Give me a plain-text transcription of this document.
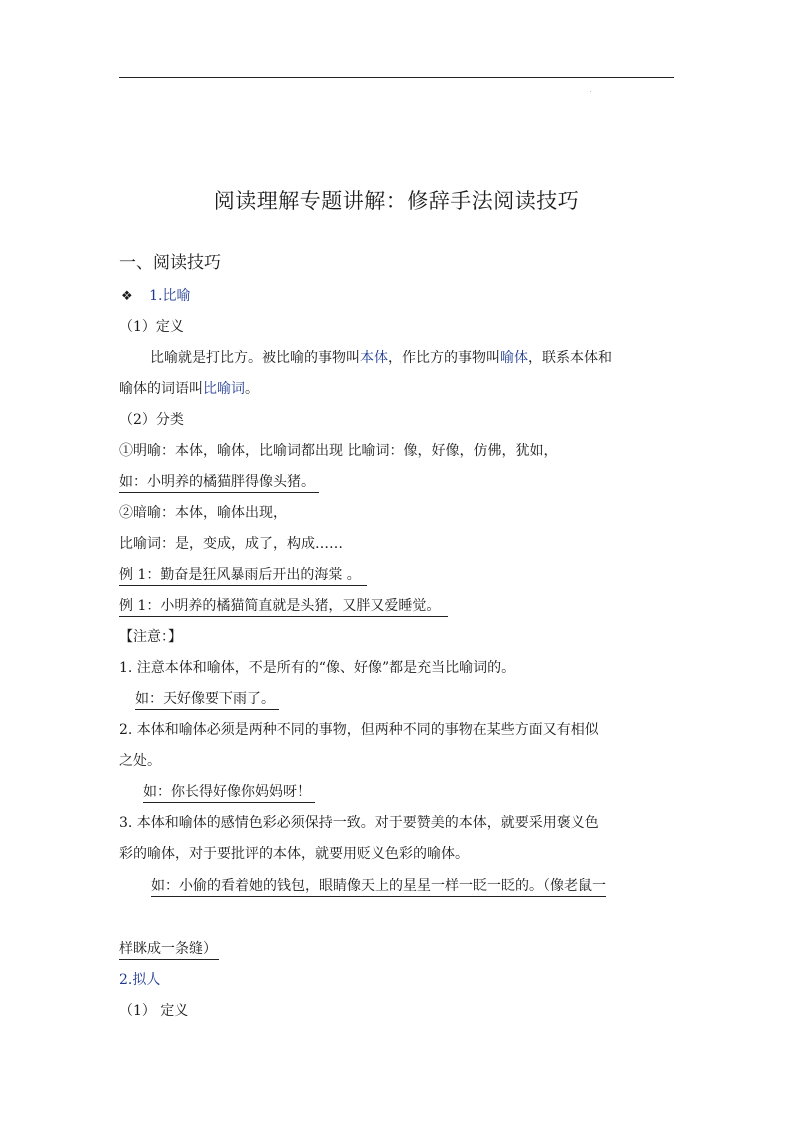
阅读理解专题讲解：修辞手法阅读技巧
一、阅读技巧
❖ 1.比喻
（1）定义
比喻就是打比方。被比喻的事物叫本体，作比方的事物叫喻体，联系本体和
喻体的词语叫比喻词。
（2）分类
①明喻：本体，喻体，比喻词都出现 比喻词：像，好像，仿佛，犹如，
如：小明养的橘猫胖得像头猪。
②暗喻：本体，喻体出现，
比喻词：是，变成，成了，构成……
例 1：勤奋是狂风暴雨后开出的海棠 。
例 1：小明养的橘猫简直就是头猪，又胖又爱睡觉。
【注意：】
1. 注意本体和喻体，不是所有的“像、好像”都是充当比喻词的。
如：天好像要下雨了。
2. 本体和喻体必须是两种不同的事物，但两种不同的事物在某些方面又有相似
之处。
如：你长得好像你妈妈呀！
3. 本体和喻体的感情色彩必须保持一致。对于要赞美的本体，就要采用褒义色
彩的喻体，对于要批评的本体，就要用贬义色彩的喻体。
如：小偷的看着她的钱包，眼睛像天上的星星一样一眨一眨的。（像老鼠一
样眯成一条缝）
2.拟人
（1） 定义
